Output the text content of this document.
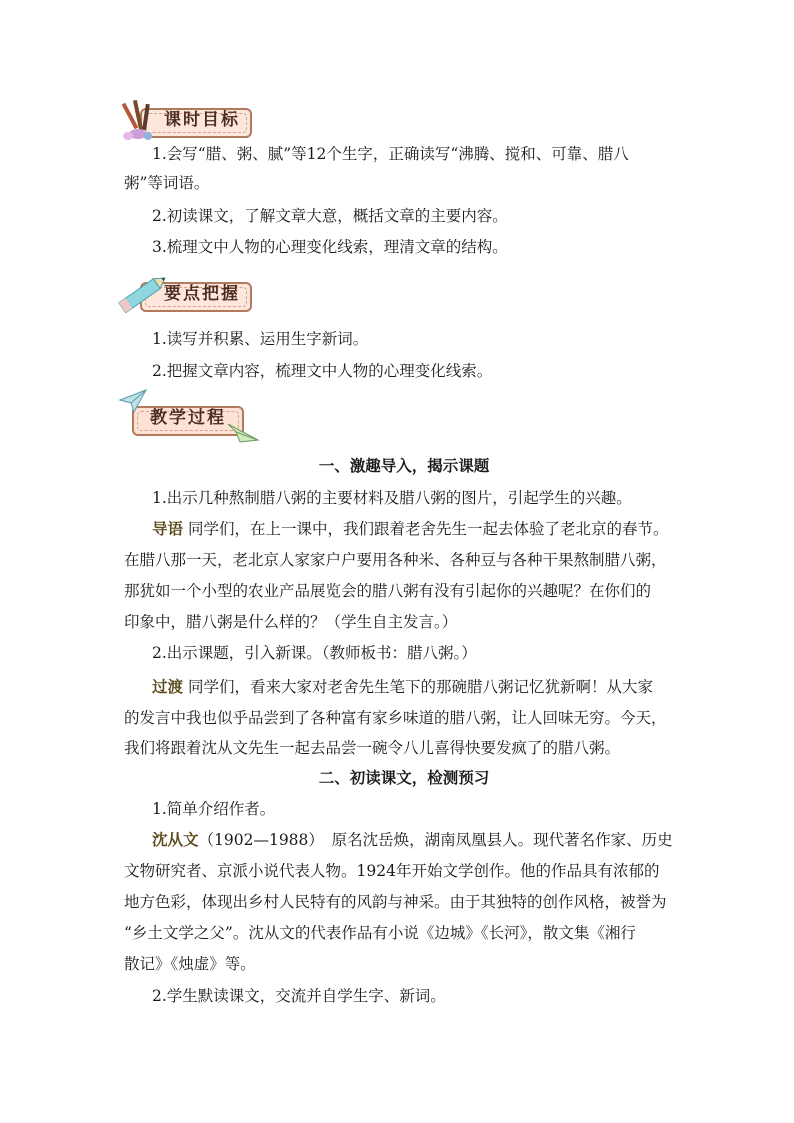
课时目标
1.会写“腊、粥、腻”等12个生字，正确读写“沸腾、搅和、可靠、腊八
粥”等词语。
2.初读课文，了解文章大意，概括文章的主要内容。
3.梳理文中人物的心理变化线索，理清文章的结构。
要点把握
1.读写并积累、运用生字新词。
2.把握文章内容，梳理文中人物的心理变化线索。
教学过程
一、激趣导入，揭示课题
1.出示几种熬制腊八粥的主要材料及腊八粥的图片，引起学生的兴趣。
导语 同学们，在上一课中，我们跟着老舍先生一起去体验了老北京的春节。
在腊八那一天，老北京人家家户户要用各种米、各种豆与各种干果熬制腊八粥，
那犹如一个小型的农业产品展览会的腊八粥有没有引起你的兴趣呢？在你们的
印象中，腊八粥是什么样的？（学生自主发言。）
2.出示课题，引入新课。（教师板书：腊八粥。）
过渡 同学们，看来大家对老舍先生笔下的那碗腊八粥记忆犹新啊！从大家
的发言中我也似乎品尝到了各种富有家乡味道的腊八粥，让人回味无穷。今天，
我们将跟着沈从文先生一起去品尝一碗令八儿喜得快要发疯了的腊八粥。
二、初读课文，检测预习
1.简单介绍作者。
沈从文（1902—1988）　原名沈岳焕，湖南凤凰县人。现代著名作家、历史
文物研究者、京派小说代表人物。1924年开始文学创作。他的作品具有浓郁的
地方色彩，体现出乡村人民特有的风韵与神采。由于其独特的创作风格，被誉为
“乡土文学之父”。沈从文的代表作品有小说《边城》《长河》，散文集《湘行
散记》《烛虚》等。
2.学生默读课文，交流并自学生字、新词。
